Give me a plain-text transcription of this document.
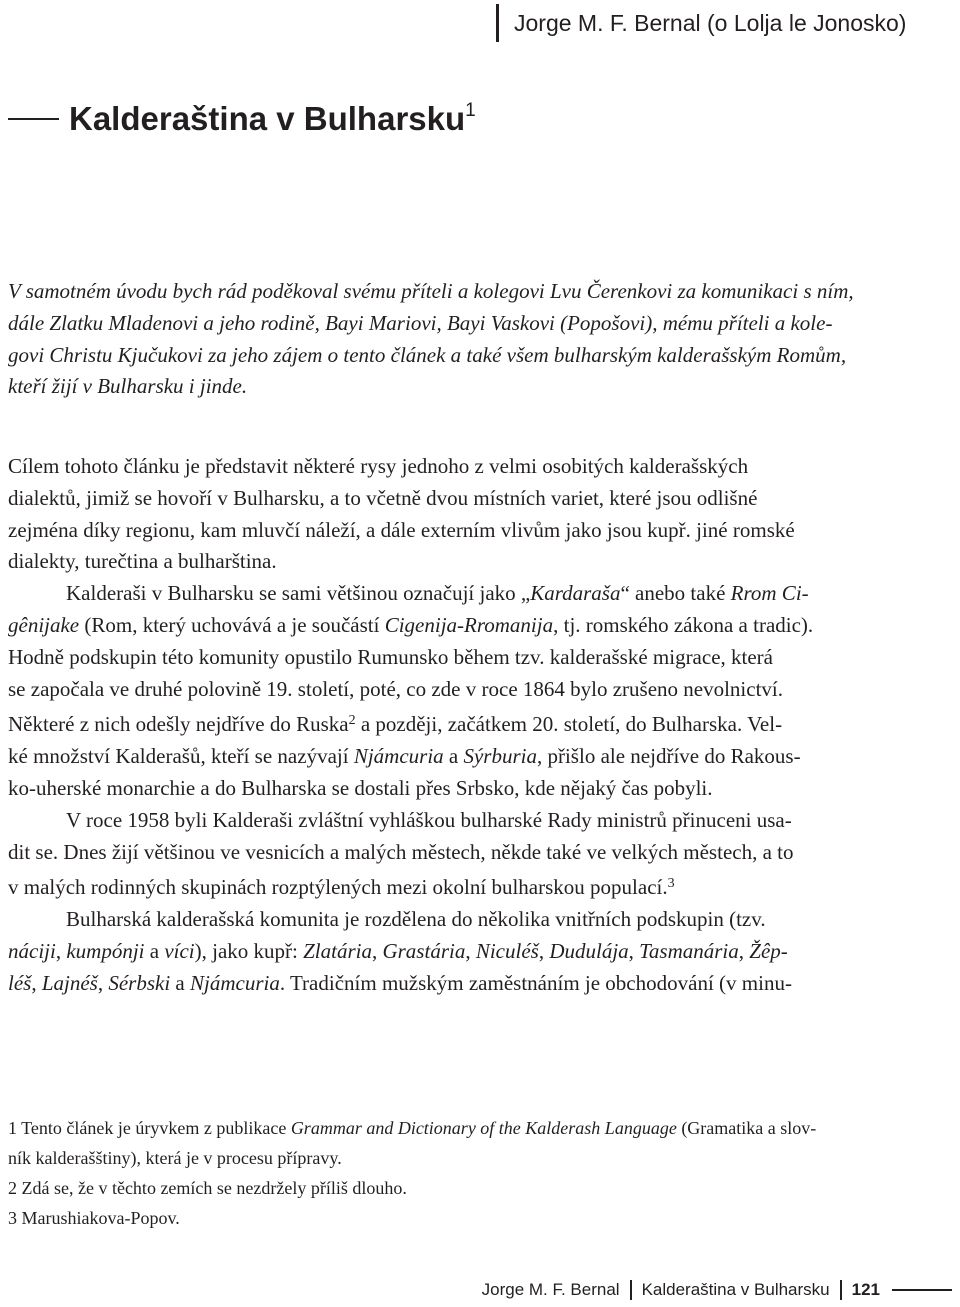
Jorge M. F. Bernal (o Lolja le Jonosko)
Kalderaština v Bulharsku$^1$
V samotném úvodu bych rád poděkoval svému příteli a kolegovi Lvu Čerenkovi za komunikaci s ním,
dále Zlatku Mladenovi a jeho rodině, Bayi Mariovi, Bayi Vaskovi (Popošovi), mému příteli a kole-
govi Christu Kjučukovi za jeho zájem o tento článek a také všem bulharským kalderašským Romům,
kteří žijí v Bulharsku i jinde.
Cílem tohoto článku je představit některé rysy jednoho z velmi osobitých kalderašských
dialektů, jimiž se hovoří v Bulharsku, a to včetně dvou místních variet, které jsou odlišné
zejména díky regionu, kam mluvčí náleží, a dále externím vlivům jako jsou kupř. jiné romské
dialekty, turečtina a bulharština.
Kalderaši v Bulharsku se sami většinou označují jako „Kardaraša“ anebo také Rrom Ci-
gênijake (Rom, který uchovává a je součástí Cigenija-Rromanija, tj. romského zákona a tradic).
Hodně podskupin této komunity opustilo Rumunsko během tzv. kalderašské migrace, která
se započala ve druhé polovině 19. století, poté, co zde v roce 1864 bylo zrušeno nevolnictví.
Některé z nich odešly nejdříve do Ruska$^2$ a později, začátkem 20. století, do Bulharska. Vel-
ké množství Kalderašů, kteří se nazývají Njámcuria a Sýrburia, přišlo ale nejdříve do Rakous-
ko-uherské monarchie a do Bulharska se dostali přes Srbsko, kde nějaký čas pobyli.
V roce 1958 byli Kalderaši zvláštní vyhláškou bulharské Rady ministrů přinuceni usa-
dit se. Dnes žijí většinou ve vesnicích a malých městech, někde také ve velkých městech, a to
v malých rodinných skupinách rozptýlených mezi okolní bulharskou populací.$^3$
Bulharská kalderašská komunita je rozdělena do několika vnitřních podskupin (tzv.
náciji, kumpónji a víci), jako kupř: Zlatária, Grastária, Niculéš, Dudulája, Tasmanária, Žêp-
léš, Lajnéš, Sérbski a Njámcuria. Tradičním mužským zaměstnáním je obchodování (v minu-
1 Tento článek je úryvkem z publikace Grammar and Dictionary of the Kalderash Language (Gramatika a slov-
ník kalderašštiny), která je v procesu přípravy.
2 Zdá se, že v těchto zemích se nezdržely příliš dlouho.
3 Marushiakova-Popov.
Jorge M. F. Bernal Kalderaština v Bulharsku 121
